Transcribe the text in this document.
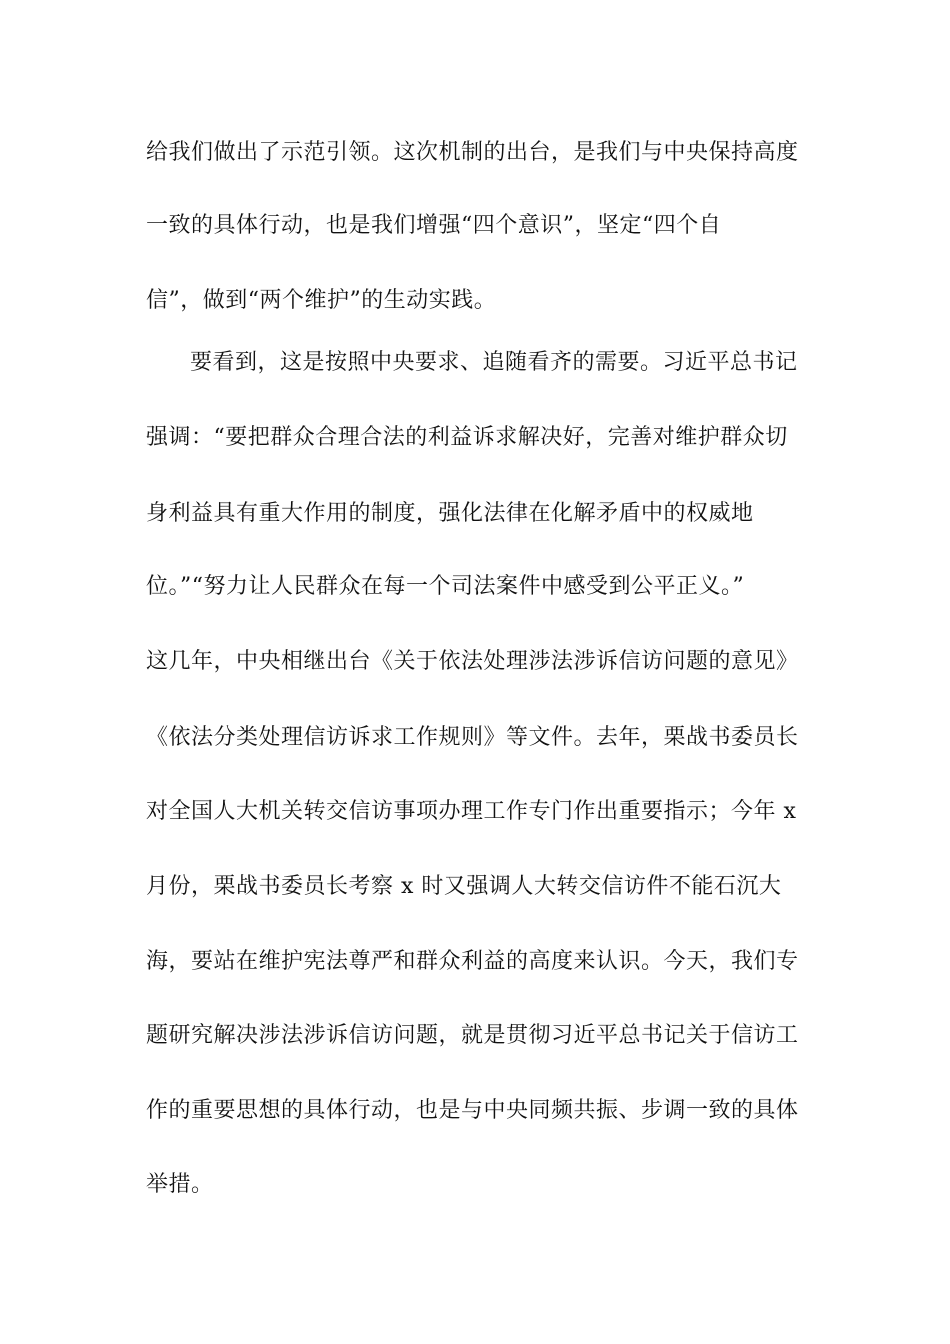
给我们做出了示范引领。这次机制的出台，是我们与中央保持高度
一致的具体行动，也是我们增强“四个意识”，坚定“四个自
信”，做到“两个维护”的生动实践。
要看到，这是按照中央要求、追随看齐的需要。习近平总书记
强调：“要把群众合理合法的利益诉求解决好，完善对维护群众切
身利益具有重大作用的制度，强化法律在化解矛盾中的权威地
位。”“努力让人民群众在每一个司法案件中感受到公平正义。”
这几年，中央相继出台《关于依法处理涉法涉诉信访问题的意见》
《依法分类处理信访诉求工作规则》等文件。去年，栗战书委员长
对全国人大机关转交信访事项办理工作专门作出重要指示；今年 x
月份，栗战书委员长考察 x 时又强调人大转交信访件不能石沉大
海，要站在维护宪法尊严和群众利益的高度来认识。今天，我们专
题研究解决涉法涉诉信访问题，就是贯彻习近平总书记关于信访工
作的重要思想的具体行动，也是与中央同频共振、步调一致的具体
举措。
